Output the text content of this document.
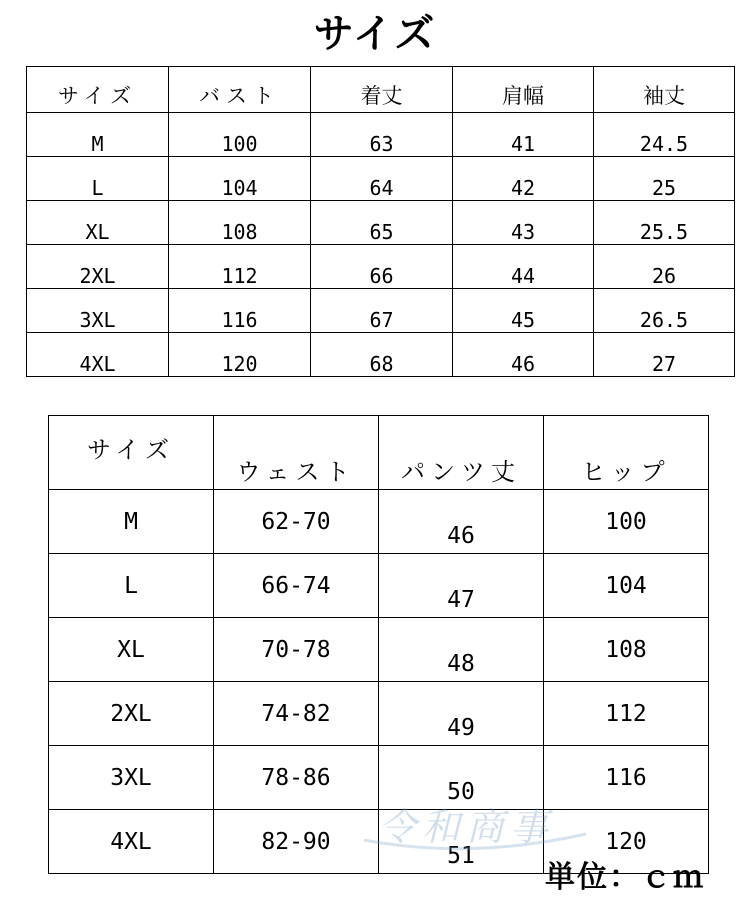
サイズ
サイズ	バスト	着丈	肩幅	袖丈
M	100	63	41	24.5
L	104	64	42	25
XL	108	65	43	25.5
2XL	112	66	44	26
3XL	116	67	45	26.5
4XL	120	68	46	27
サイズ	ウェスト	パンツ丈	ヒップ
M	62-70	46	100
L	66-74	47	104
XL	70-78	48	108
2XL	74-82	49	112
3XL	78-86	50	116
4XL	82-90	51	120
令和商事
単位：ｃｍ
